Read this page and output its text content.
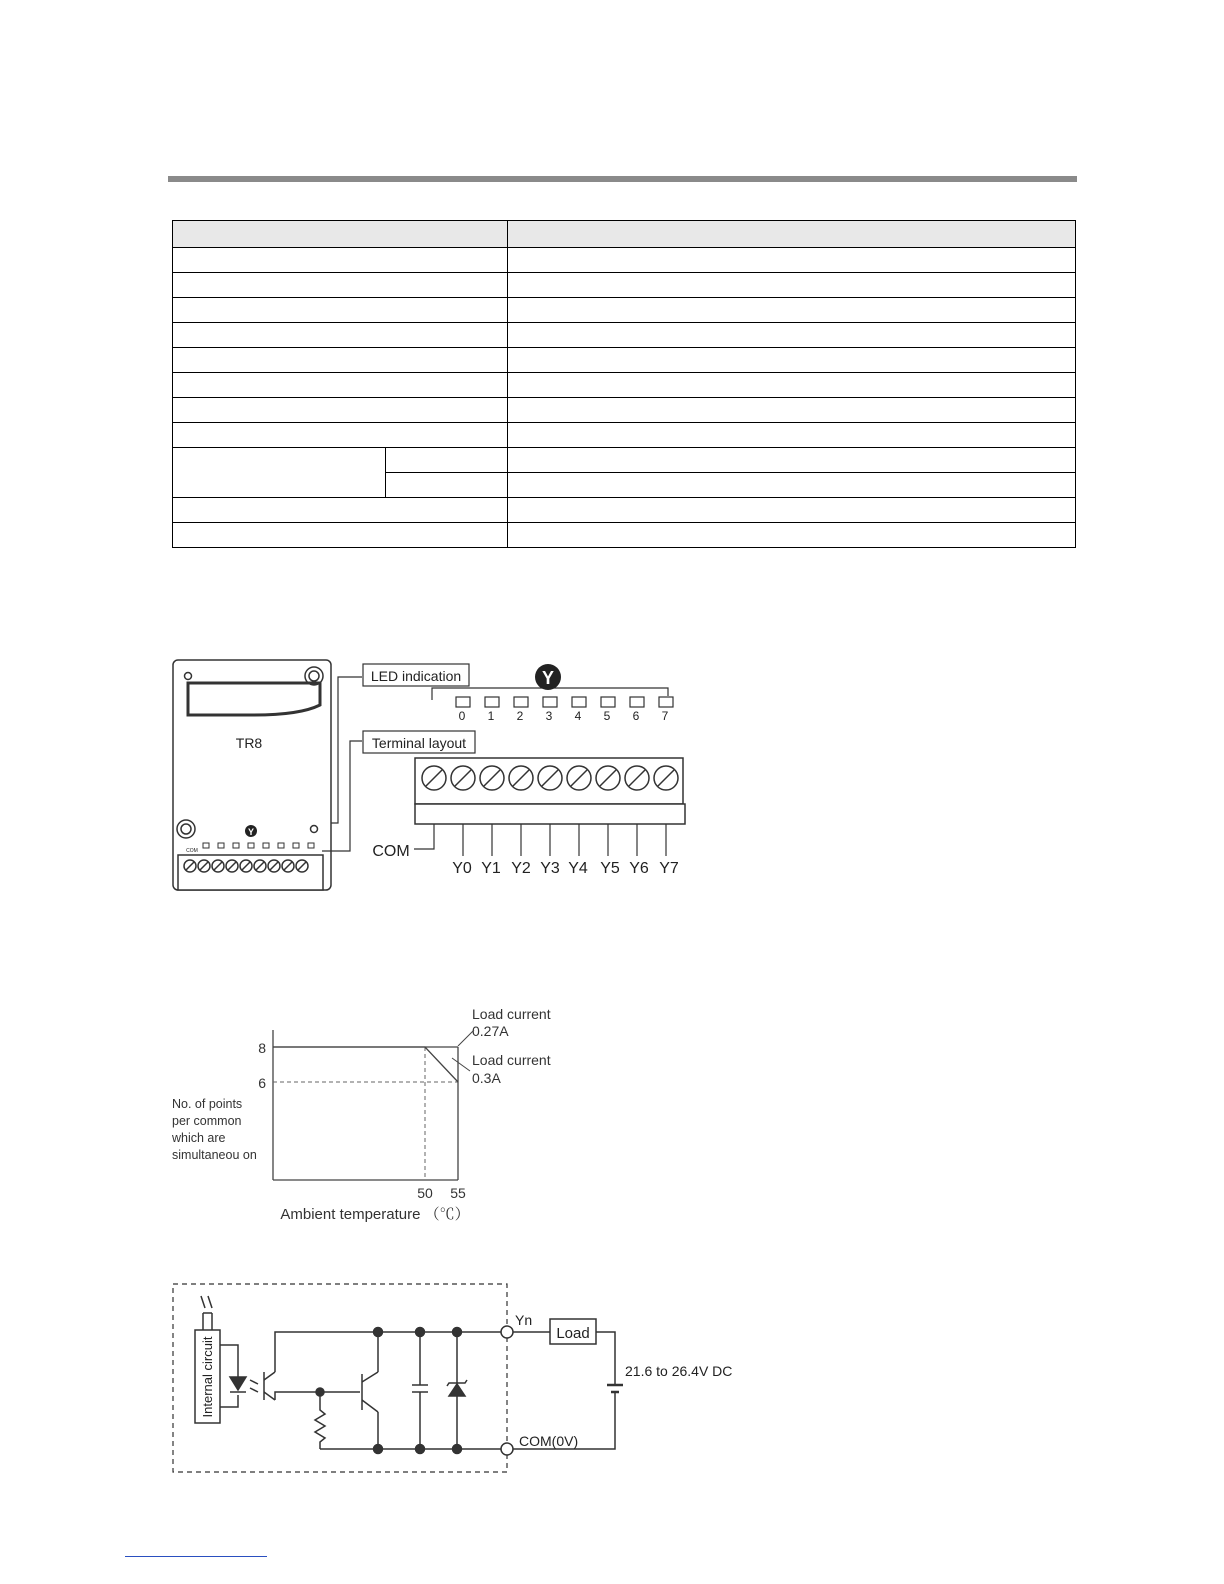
TR8
Y
COM
LED indication
Terminal layout
Y
0 1 2 3 4 5 6 7
COM
Y0 Y1 Y2 Y3 Y4 Y5 Y6 Y7
8
6
50 55
Ambient temperature （℃）
No. of points
per common
which are
simultaneou on
Load current
0.27A
Load current
0.3A
Internal circuit
Yn
Load
COM(0V)
21.6 to 26.4V DC
